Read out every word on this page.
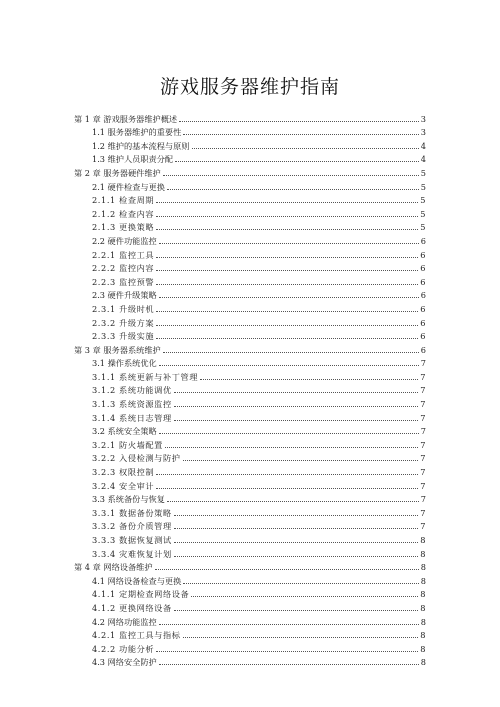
游戏服务器维护指南
第 1 章 游戏服务器维护概述	3
1.1 服务器维护的重要性	3
1.2 维护的基本流程与原则	4
1.3 维护人员职责分配	4
第 2 章 服务器硬件维护	5
2.1 硬件检查与更换	5
2.1.1 检查周期	5
2.1.2 检查内容	5
2.1.3 更换策略	5
2.2 硬件功能监控	6
2.2.1 监控工具	6
2.2.2 监控内容	6
2.2.3 监控预警	6
2.3 硬件升级策略	6
2.3.1 升级时机	6
2.3.2 升级方案	6
2.3.3 升级实施	6
第 3 章 服务器系统维护	6
3.1 操作系统优化	7
3.1.1 系统更新与补丁管理	7
3.1.2 系统功能调优	7
3.1.3 系统资源监控	7
3.1.4 系统日志管理	7
3.2 系统安全策略	7
3.2.1 防火墙配置	7
3.2.2 入侵检测与防护	7
3.2.3 权限控制	7
3.2.4 安全审计	7
3.3 系统备份与恢复	7
3.3.1 数据备份策略	7
3.3.2 备份介质管理	7
3.3.3 数据恢复测试	8
3.3.4 灾难恢复计划	8
第 4 章 网络设备维护	8
4.1 网络设备检查与更换	8
4.1.1 定期检查网络设备	8
4.1.2 更换网络设备	8
4.2 网络功能监控	8
4.2.1 监控工具与指标	8
4.2.2 功能分析	8
4.3 网络安全防护	8
